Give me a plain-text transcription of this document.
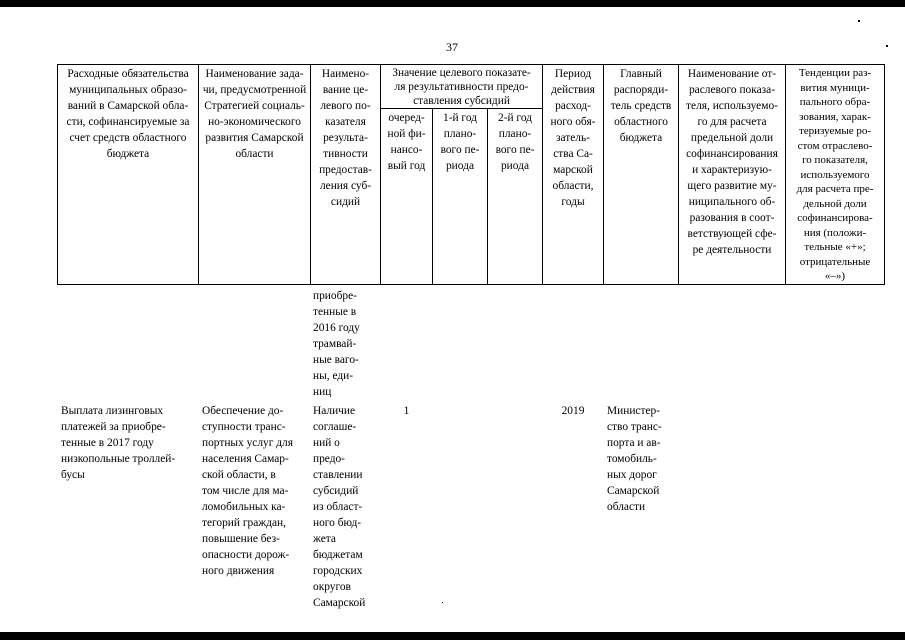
37
Расходные обязательства
муниципальных образо-
ваний в Самарской обла-
сти, софинансируемые за
счет средств областного
бюджета
Наименование зада-
чи, предусмотренной
Стратегией социаль-
но-экономического
развития Самарской
области
Наимено-
вание це-
левого по-
казателя
результа-
тивности
предостав-
ления суб-
сидий
Значение целевого показате-
ля результативности предо-
ставления субсидий
очеред-
ной фи-
нансо-
вый год
1-й год
плано-
вого пе-
риода
2-й год
плано-
вого пе-
риода
Период
действия
расход-
ного обя-
затель-
ства Са-
марской
области,
годы
Главный
распоряди-
тель средств
областного
бюджета
Наименование от-
раслевого показа-
теля, используемо-
го для расчета
предельной доли
софинансирования
и характеризую-
щего развитие му-
ниципального об-
разования в соот-
ветствующей сфе-
ре деятельности
Тенденции раз-
вития муници-
пального обра-
зования, харак-
теризуемые ро-
стом отраслево-
го показателя,
используемого
для расчета пре-
дельной доли
софинансирова-
ния (положи-
тельные «+»;
отрицательные
«–»)
приобре-
тенные в
2016 году
трамвай-
ные ваго-
ны, еди-
ниц
Выплата лизинговых
платежей за приобре-
тенные в 2017 году
низкопольные троллей-
бусы
Обеспечение до-
ступности транс-
портных услуг для
населения Самар-
ской области, в
том числе для ма-
ломобильных ка-
тегорий граждан,
повышение без-
опасности дорож-
ного движения
Наличие
соглаше-
ний о
предо-
ставлении
субсидий
из област-
ного бюд-
жета
бюджетам
городских
округов
Самарской
1	2019	Министер-
ство транс-
порта и ав-
томобиль-
ных дорог
Самарской
области
